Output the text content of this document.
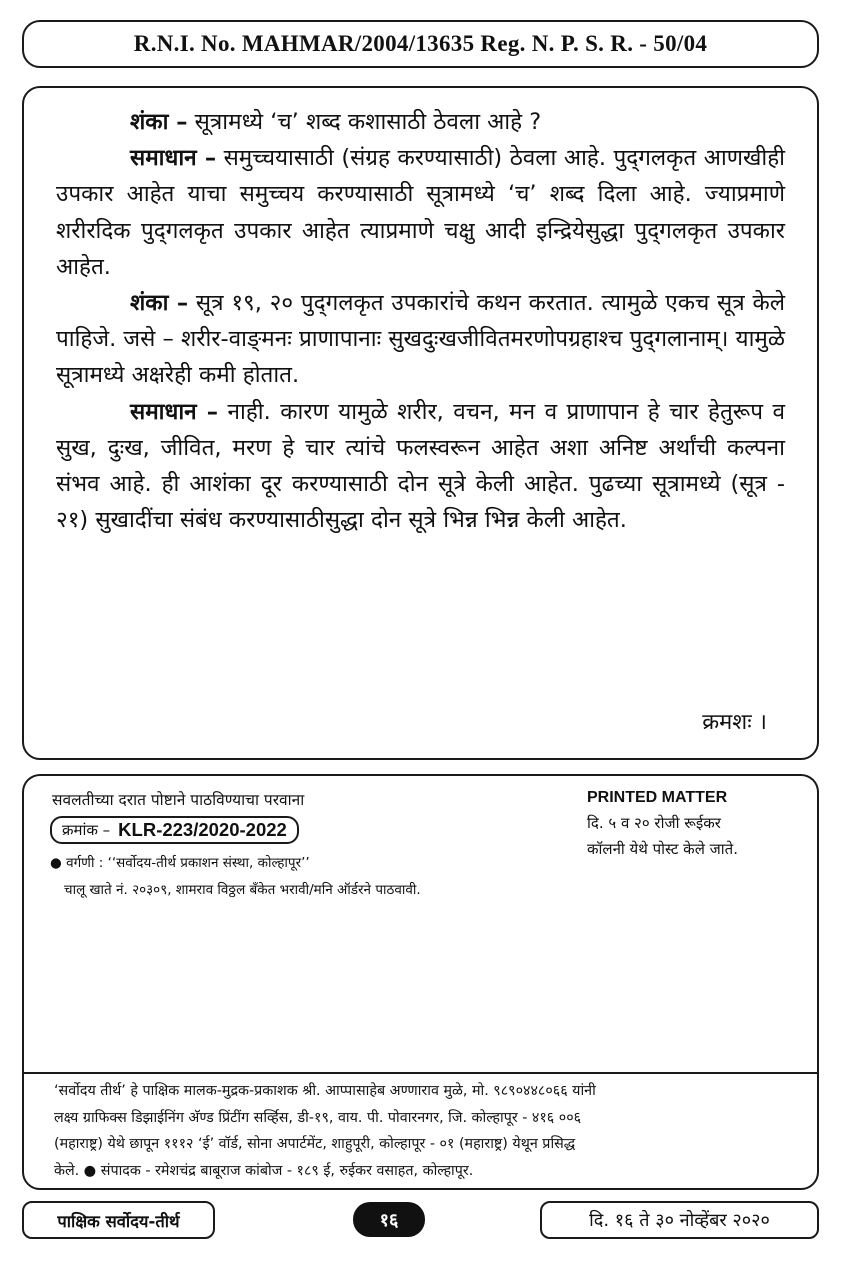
R.N.I. No. MAHMAR/2004/13635 Reg. N. P. S. R. - 50/04

शंका – सूत्रामध्ये ‘च’ शब्द कशासाठी ठेवला आहे ?

समाधान – समुच्चयासाठी (संग्रह करण्यासाठी) ठेवला आहे. पुद्‌गलकृत आणखीही उपकार आहेत याचा समुच्चय करण्यासाठी सूत्रामध्ये ‘च’ शब्द दिला आहे. ज्याप्रमाणे शरीरदिक पुद्‌गलकृत उपकार आहेत त्याप्रमाणे चक्षु आदी इन्द्रियेसुद्धा पुद्‌गलकृत उपकार आहेत.

शंका – सूत्र १९, २० पुद्‌गलकृत उपकारांचे कथन करतात. त्यामुळे एकच सूत्र केले पाहिजे. जसे – शरीर-वाङ्‌मनः प्राणापानाः सुखदुःखजीवितमरणोपग्रहाश्च पुद्‌गलानाम्‌। यामुळे सूत्रामध्ये अक्षरेही कमी होतात.

समाधान – नाही. कारण यामुळे शरीर, वचन, मन व प्राणापान हे चार हेतुरूप व सुख, दुःख, जीवित, मरण हे चार त्यांचे फलस्वरून आहेत अशा अनिष्ट अर्थांची कल्पना संभव आहे. ही आशंका दूर करण्यासाठी दोन सूत्रे केली आहेत. पुढच्या सूत्रामध्ये (सूत्र - २१) सुखादींचा संबंध करण्यासाठीसुद्धा दोन सूत्रे भिन्न भिन्न केली आहेत.

क्रमशः ।
सवलतीच्या दरात पोष्टाने पाठविण्याचा परवाना
क्रमांक – KLR-223/2020-2022
● वर्गणी : ‘‘सर्वोदय-तीर्थ प्रकाशन संस्था, कोल्हापूर’’
चालू खाते नं. २०३०९, शामराव विठ्ठल बँकेत भरावी/मनि ऑर्डरने पाठवावी.
PRINTED MATTER
दि. ५ व २० रोजी रूईकर
कॉलनी येथे पोस्ट केले जाते.

‘सर्वोदय तीर्थ’ हे पाक्षिक मालक-मुद्रक-प्रकाशक श्री. आप्पासाहेब अण्णाराव मुळे, मो. ९८९०४४८०६६ यांनी

लक्ष्य ग्राफिक्स डिझाईनिंग अ‍ॅण्ड प्रिंटींग सर्व्हिस, डी-१९, वाय. पी. पोवारनगर, जि. कोल्हापूर - ४१६ ००६

(महाराष्ट्र) येथे छापून १११२ ‘ई’ वॉर्ड, सोना अपार्टमेंट, शाहुपूरी, कोल्हापूर - ०१ (महाराष्ट्र) येथून प्रसिद्ध

केले. ● संपादक - रमेशचंद्र बाबूराज कांबोज - १८९ ई, रुईकर वसाहत, कोल्हापूर.

पाक्षिक सर्वोदय-तीर्थ	१६	दि. १६ ते ३० नोव्हेंबर २०२०
